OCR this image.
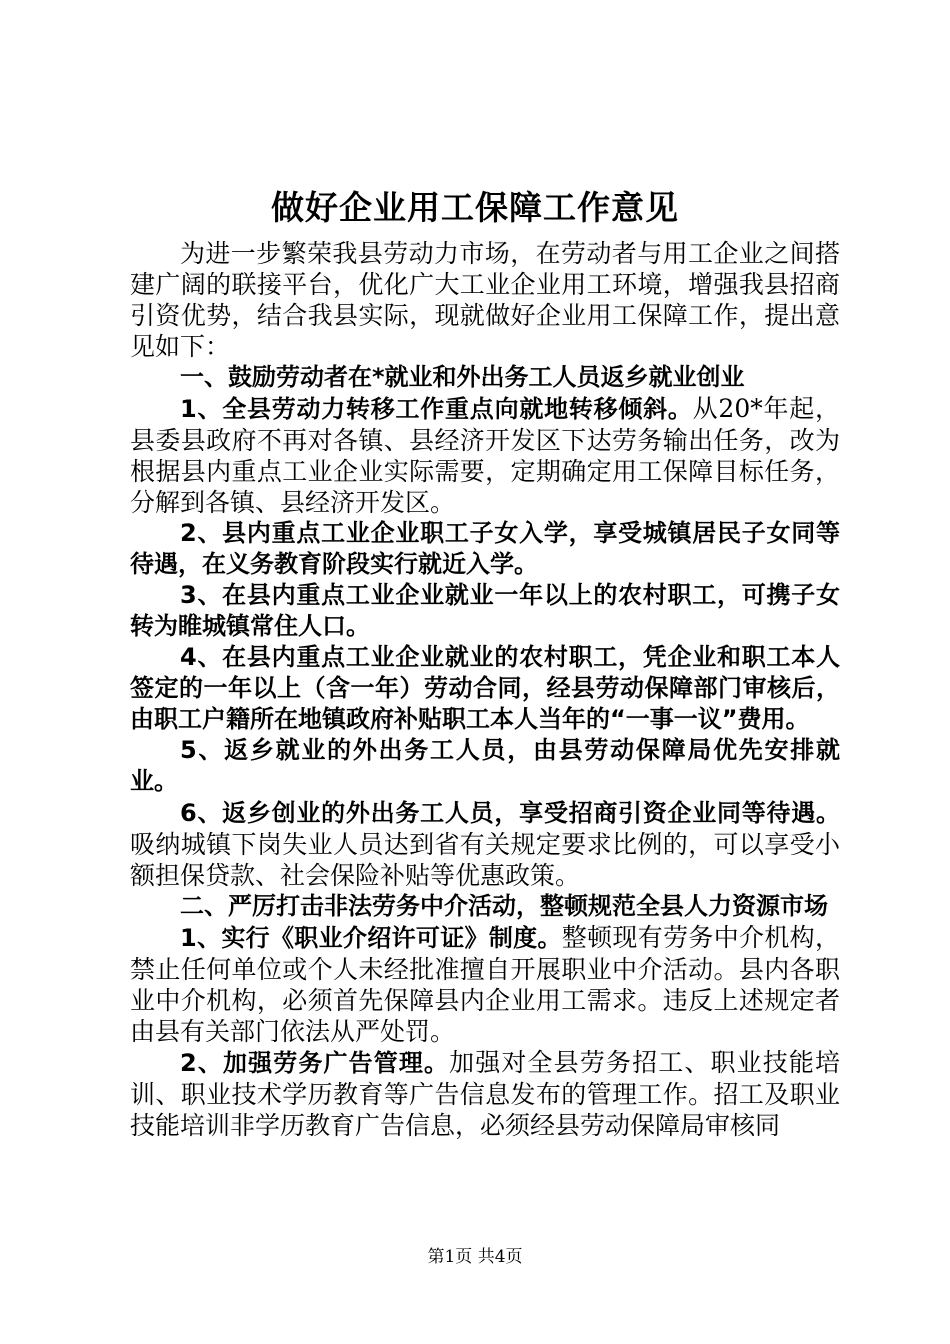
做好企业用工保障工作意见

为进一步繁荣我县劳动力市场，在劳动者与用工企业之间搭建广阔的联接平台，优化广大工业企业用工环境，增强我县招商引资优势，结合我县实际，现就做好企业用工保障工作，提出意见如下：

一、鼓励劳动者在*就业和外出务工人员返乡就业创业

1、全县劳动力转移工作重点向就地转移倾斜。从20*年起，县委县政府不再对各镇、县经济开发区下达劳务输出任务，改为根据县内重点工业企业实际需要，定期确定用工保障目标任务，分解到各镇、县经济开发区。

2、县内重点工业企业职工子女入学，享受城镇居民子女同等待遇，在义务教育阶段实行就近入学。

3、在县内重点工业企业就业一年以上的农村职工，可携子女转为睢城镇常住人口。

4、在县内重点工业企业就业的农村职工，凭企业和职工本人签定的一年以上（含一年）劳动合同，经县劳动保障部门审核后，由职工户籍所在地镇政府补贴职工本人当年的“一事一议”费用。

5、返乡就业的外出务工人员，由县劳动保障局优先安排就业。

6、返乡创业的外出务工人员，享受招商引资企业同等待遇。吸纳城镇下岗失业人员达到省有关规定要求比例的，可以享受小额担保贷款、社会保险补贴等优惠政策。

二、严厉打击非法劳务中介活动，整顿规范全县人力资源市场

1、实行《职业介绍许可证》制度。整顿现有劳务中介机构，禁止任何单位或个人未经批准擅自开展职业中介活动。县内各职业中介机构，必须首先保障县内企业用工需求。违反上述规定者由县有关部门依法从严处罚。

2、加强劳务广告管理。加强对全县劳务招工、职业技能培训、职业技术学历教育等广告信息发布的管理工作。招工及职业技能培训非学历教育广告信息，必须经县劳动保障局审核同

第1页 共4页
